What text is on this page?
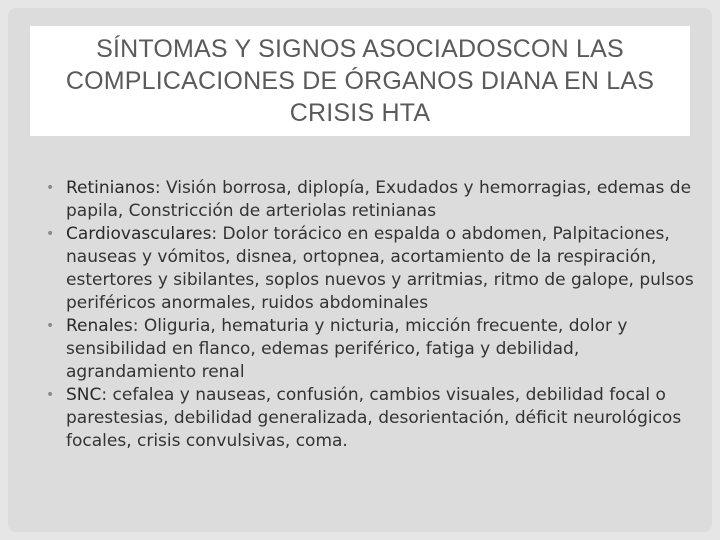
SÍNTOMAS Y SIGNOS ASOCIADOSCON LAS COMPLICACIONES DE ÓRGANOS DIANA EN LAS CRISIS HTA
• Retinianos: Visión borrosa, diplopía, Exudados y hemorragias, edemas de papila, Constricción de arteriolas retinianas
• Cardiovasculares: Dolor torácico en espalda o abdomen, Palpitaciones, nauseas y vómitos, disnea, ortopnea, acortamiento de la respiración, estertores y sibilantes, soplos nuevos y arritmias, ritmo de galope, pulsos periféricos anormales, ruidos abdominales
• Renales: Oliguria, hematuria y nicturia, micción frecuente, dolor y sensibilidad en flanco, edemas periférico, fatiga y debilidad, agrandamiento renal
• SNC: cefalea y nauseas, confusión, cambios visuales, debilidad focal o parestesias, debilidad generalizada, desorientación, déficit neurológicos focales, crisis convulsivas, coma.
